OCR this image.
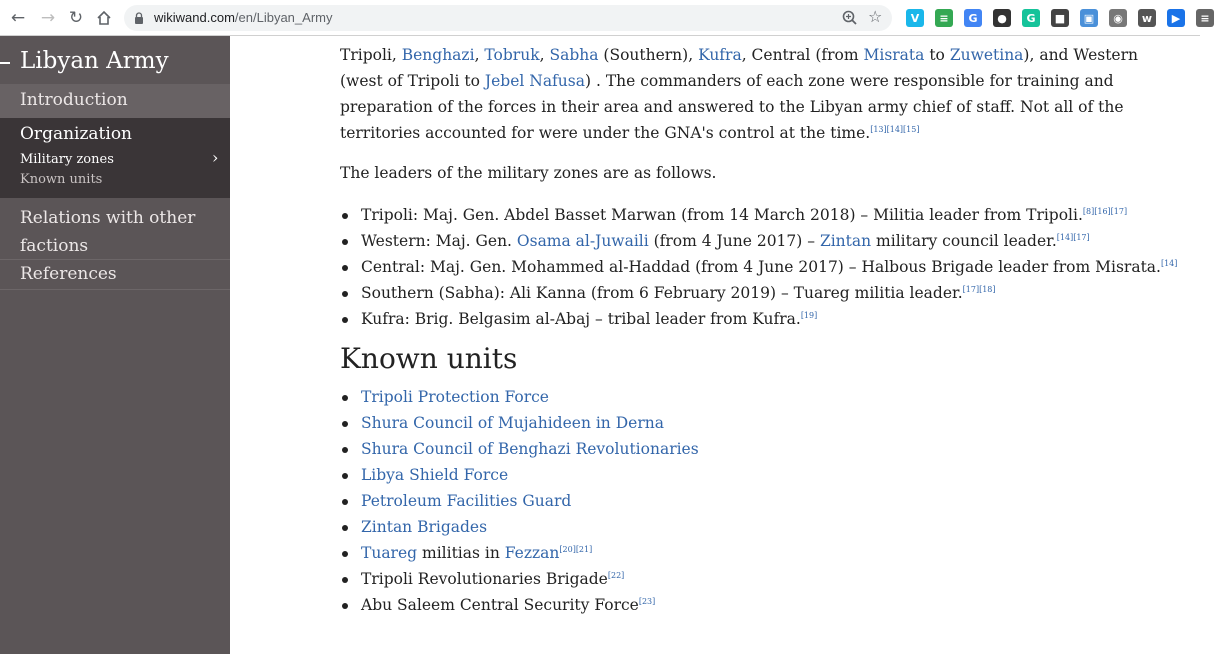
← → ↻	wikiwand.com/en/Libyan_Army	☆	V	≡	G	●	G	■	▣	◉	w	▶	≡
Libyan Army
Introduction
Organization
Military zones	›
Known units
Relations with other factions
References

Tripoli, Benghazi, Tobruk, Sabha (Southern), Kufra, Central (from Misrata to Zuwetina), and Western (west of Tripoli to Jebel Nafusa) . The commanders of each zone were responsible for training and preparation of the forces in their area and answered to the Libyan army chief of staff. Not all of the territories accounted for were under the GNA's control at the time.[13][14][15]

The leaders of the military zones are as follows.

Tripoli: Maj. Gen. Abdel Basset Marwan (from 14 March 2018) – Militia leader from Tripoli.[8][16][17]
Western: Maj. Gen. Osama al-Juwaili (from 4 June 2017) – Zintan military council leader.[14][17]
Central: Maj. Gen. Mohammed al-Haddad (from 4 June 2017) – Halbous Brigade leader from Misrata.[14]
Southern (Sabha): Ali Kanna (from 6 February 2019) – Tuareg militia leader.[17][18]
Kufra: Brig. Belgasim al-Abaj – tribal leader from Kufra.[19]
Known units
Tripoli Protection Force
Shura Council of Mujahideen in Derna
Shura Council of Benghazi Revolutionaries
Libya Shield Force
Petroleum Facilities Guard
Zintan Brigades
Tuareg militias in Fezzan[20][21]
Tripoli Revolutionaries Brigade[22]
Abu Saleem Central Security Force[23]
